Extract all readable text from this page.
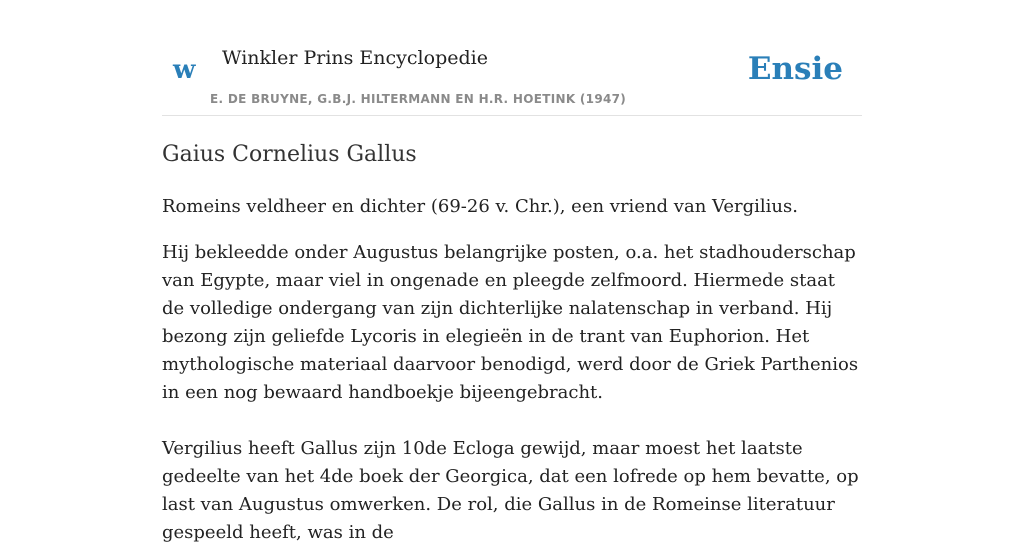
w Winkler Prins Encyclopedie
E. DE BRUYNE, G.B.J. HILTERMANN EN H.R. HOETINK (1947)
Ensie
Gaius Cornelius Gallus

Romeins veldheer en dichter (69-26 v. Chr.), een vriend van Vergilius.

Hij bekleedde onder Augustus belangrijke posten, o.a. het stadhouderschap van Egypte, maar viel in ongenade en pleegde zelfmoord. Hiermede staat de volledige ondergang van zijn dichterlijke nalatenschap in verband. Hij bezong zijn geliefde Lycoris in elegieën in de trant van Euphorion. Het mythologische materiaal daarvoor benodigd, werd door de Griek Parthenios in een nog bewaard handboekje bijeengebracht.

Vergilius heeft Gallus zijn 10de Ecloga gewijd, maar moest het laatste gedeelte van het 4de boek der Georgica, dat een lofrede op hem bevatte, op last van Augustus omwerken. De rol, die Gallus in de Romeinse literatuur gespeeld heeft, was in de
